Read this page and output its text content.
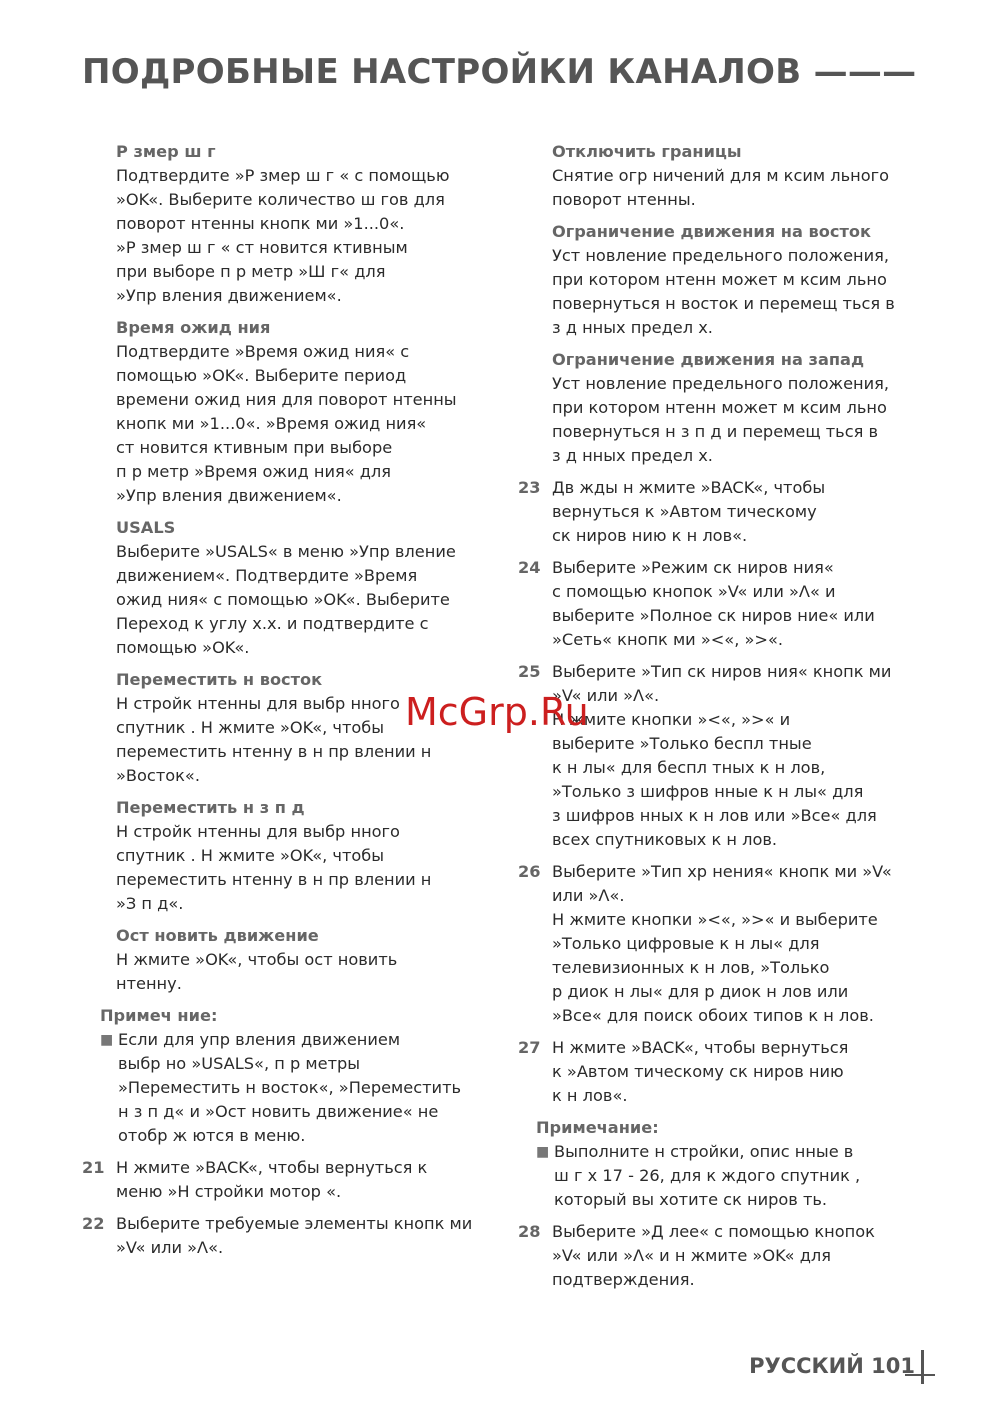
ПОДРОБНЫЕ НАСТРОЙКИ КАНАЛОВ ———
Р змер ш г
Подтвердите »Р змер ш г « с помощью
»OK«. Выберите количество ш гов для
поворот нтенны кнопк ми »1...0«.
»Р змер ш г « ст новится ктивным
при выборе п р метр »Ш г« для
»Упр вления движением«.
Время ожид ния
Подтвердите »Время ожид ния« с
помощью »OK«. Выберите период
времени ожид ния для поворот нтенны
кнопк ми »1...0«. »Время ожид ния«
ст новится ктивным при выборе
п р метр »Время ожид ния« для
»Упр вления движением«.
USALS
Выберите »USALS« в меню »Упр вление
движением«. Подтвердите »Время
ожид ния« с помощью »OK«. Выберите
Переход к углу х.х. и подтвердите с
помощью »OK«.
Переместить н восток
Н стройк нтенны для выбр нного
спутник . Н жмите »OK«, чтобы
переместить нтенну в н пр влении н
»Восток«.
Переместить н з п д
Н стройк нтенны для выбр нного
спутник . Н жмите »OK«, чтобы
переместить нтенну в н пр влении н
»З п д«.
Ост новить движение
Н жмите »OK«, чтобы ост новить
нтенну.
Примеч ние:
■ Если для упр вления движением
выбр но »USALS«, п р метры
»Переместить н восток«, »Переместить
н з п д« и »Ост новить движение« не
отобр ж ются в меню.
21 Н жмите »BACK«, чтобы вернуться к
меню »Н стройки мотор «.
22 Выберите требуемые элементы кнопк ми
»V« или »Λ«.
Отключить границы
Снятие огр ничений для м ксим льного
поворот нтенны.
Ограничение движения на восток
Уст новление предельного положения,
при котором нтенн может м ксим льно
повернуться н восток и перемещ ться в
з д нных предел х.
Ограничение движения на запад
Уст новление предельного положения,
при котором нтенн может м ксим льно
повернуться н з п д и перемещ ться в
з д нных предел х.
23 Дв жды н жмите »BACK«, чтобы
вернуться к »Автом тическому
ск ниров нию к н лов«.
24 Выберите »Режим ск ниров ния«
с помощью кнопок »V« или »Λ« и
выберите »Полное ск ниров ние« или
»Сеть« кнопк ми »<«, »>«.
25 Выберите »Тип ск ниров ния« кнопк ми
»V« или »Λ«.
Н жмите кнопки »<«, »>« и
выберите »Только беспл тные
к н лы« для беспл тных к н лов,
»Только з шифров нные к н лы« для
з шифров нных к н лов или »Все« для
всех спутниковых к н лов.
26 Выберите »Тип хр нения« кнопк ми »V«
или »Λ«.
Н жмите кнопки »<«, »>« и выберите
»Только цифровые к н лы« для
телевизионных к н лов, »Только
р диок н лы« для р диок н лов или
»Все« для поиск обоих типов к н лов.
27 Н жмите »BACK«, чтобы вернуться
к »Автом тическому ск ниров нию
к н лов«.
Примечание:
■ Выполните н стройки, опис нные в
ш г х 17 - 26, для к ждого спутник ,
который вы хотите ск ниров ть.
28 Выберите »Д лее« с помощью кнопок
»V« или »Λ« и н жмите »OK« для
подтверждения.
McGrp.Ru
РУССКИЙ 101
